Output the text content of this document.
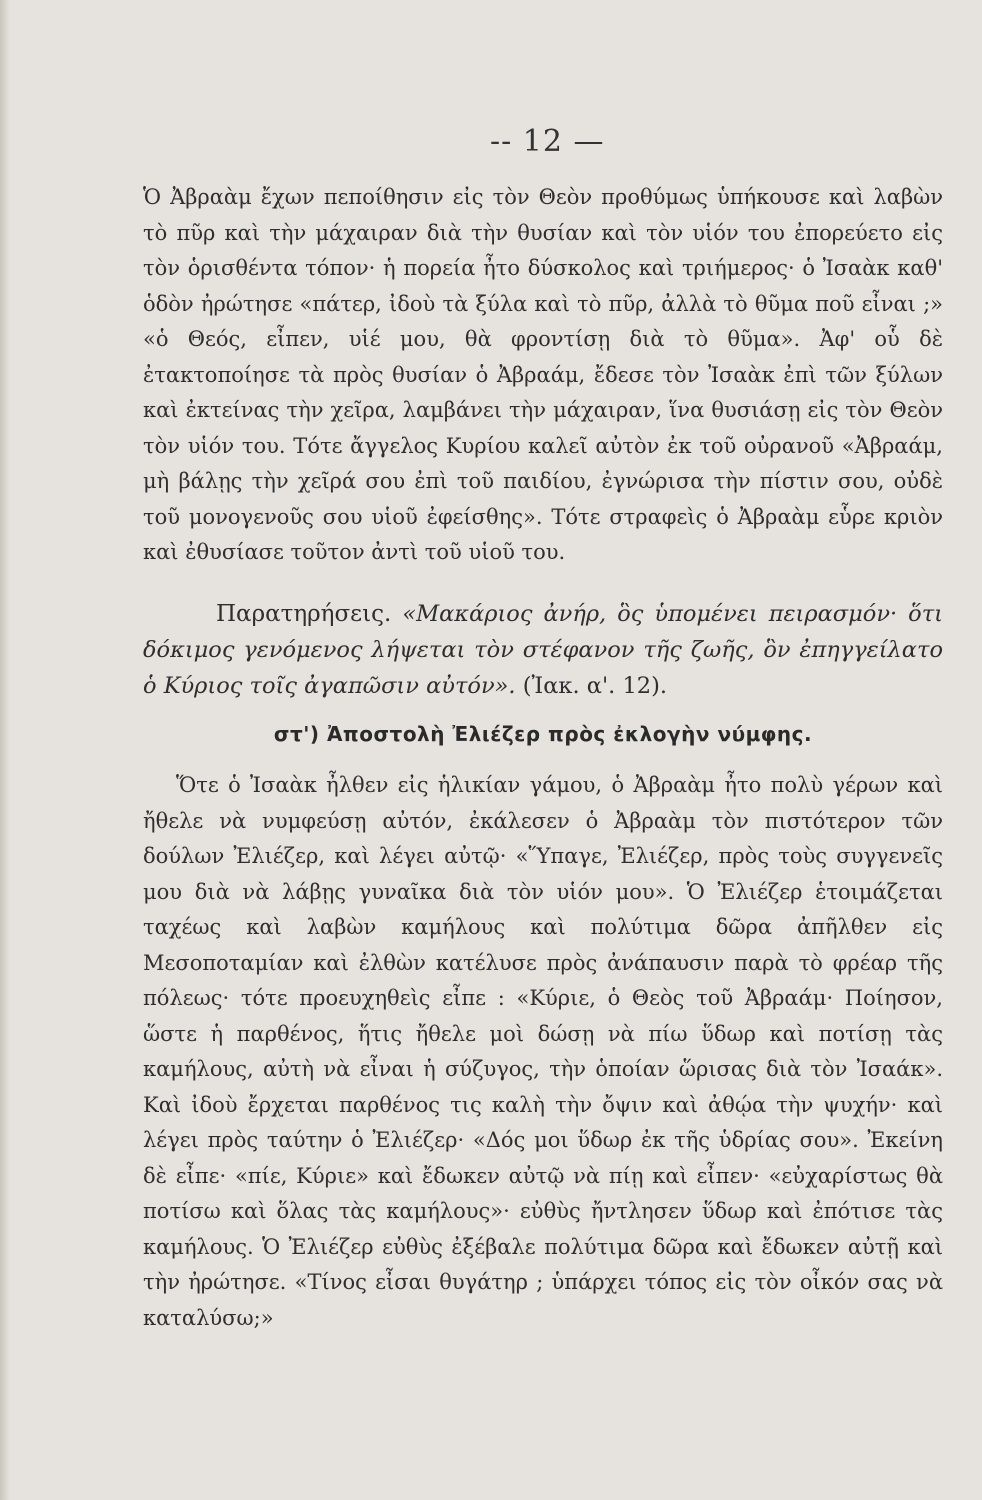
-- 12 —

Ὁ Ἀβραὰμ ἔχων πεποίθησιν εἰς τὸν Θεὸν προθύμως ὑπήκουσε καὶ λαβὼν τὸ πῦρ καὶ τὴν μάχαιραν διὰ τὴν θυσίαν καὶ τὸν υἱόν του ἐπορεύετο εἰς τὸν ὁρισθέντα τόπον· ἡ πορεία ἦτο δύσκολος καὶ τριήμερος· ὁ Ἰσαὰκ καθ' ὁδὸν ἠρώτησε «πάτερ, ἰδοὺ τὰ ξύλα καὶ τὸ πῦρ, ἀλλὰ τὸ θῦμα ποῦ εἶναι ;» «ὁ Θεός, εἶπεν, υἱέ μου, θὰ φροντίσῃ διὰ τὸ θῦμα». Ἀφ' οὗ δὲ ἐτακτοποίησε τὰ πρὸς θυσίαν ὁ Ἀβραάμ, ἔδεσε τὸν Ἰσαὰκ ἐπὶ τῶν ξύλων καὶ ἐκτείνας τὴν χεῖρα, λαμβάνει τὴν μάχαιραν, ἵνα θυσιάσῃ εἰς τὸν Θεὸν τὸν υἱόν του. Τότε ἄγγελος Κυρίου καλεῖ αὐτὸν ἐκ τοῦ οὐρανοῦ «Ἀβραάμ, μὴ βάλῃς τὴν χεῖρά σου ἐπὶ τοῦ παιδίου, ἐγνώρισα τὴν πίστιν σου, οὐδὲ τοῦ μονογενοῦς σου υἱοῦ ἐφείσθης». Τότε στραφεὶς ὁ Ἀβραὰμ εὗρε κριὸν καὶ ἐθυσίασε τοῦτον ἀντὶ τοῦ υἱοῦ του.

Παρατηρήσεις. «Μακάριος ἀνήρ, ὃς ὑπομένει πειρασμόν· ὅτι δόκιμος γενόμενος λήψεται τὸν στέφανον τῆς ζωῆς, ὃν ἐπηγγείλατο ὁ Κύριος τοῖς ἀγαπῶσιν αὐτόν». (Ἰακ. α'. 12).

στ') Ἀποστολὴ Ἐλιέζερ πρὸς ἐκλογὴν νύμφης.

Ὅτε ὁ Ἰσαὰκ ἦλθεν εἰς ἡλικίαν γάμου, ὁ Ἀβραὰμ ἦτο πολὺ γέρων καὶ ἤθελε νὰ νυμφεύσῃ αὐτόν, ἐκάλεσεν ὁ Ἀβραὰμ τὸν πιστότερον τῶν δούλων Ἐλιέζερ, καὶ λέγει αὐτῷ· «Ὕπαγε, Ἐλιέζερ, πρὸς τοὺς συγγενεῖς μου διὰ νὰ λάβῃς γυναῖκα διὰ τὸν υἱόν μου». Ὁ Ἐλιέζερ ἑτοιμάζεται ταχέως καὶ λαβὼν καμήλους καὶ πολύτιμα δῶρα ἀπῆλθεν εἰς Μεσοποταμίαν καὶ ἐλθὼν κατέλυσε πρὸς ἀνάπαυσιν παρὰ τὸ φρέαρ τῆς πόλεως· τότε προευχηθεὶς εἶπε : «Κύριε, ὁ Θεὸς τοῦ Ἀβραάμ· Ποίησον, ὥστε ἡ παρθένος, ἥτις ἤθελε μοὶ δώσῃ νὰ πίω ὕδωρ καὶ ποτίσῃ τὰς καμήλους, αὐτὴ νὰ εἶναι ἡ σύζυγος, τὴν ὁποίαν ὥρισας διὰ τὸν Ἰσαάκ». Καὶ ἰδοὺ ἔρχεται παρθένος τις καλὴ τὴν ὄψιν καὶ ἀθῴα τὴν ψυχήν· καὶ λέγει πρὸς ταύτην ὁ Ἐλιέζερ· «Δός μοι ὕδωρ ἐκ τῆς ὑδρίας σου». Ἐκείνη δὲ εἶπε· «πίε, Κύριε» καὶ ἔδωκεν αὐτῷ νὰ πίῃ καὶ εἶπεν· «εὐχαρίστως θὰ ποτίσω καὶ ὅλας τὰς καμήλους»· εὐθὺς ἤντλησεν ὕδωρ καὶ ἐπότισε τὰς καμήλους. Ὁ Ἐλιέζερ εὐθὺς ἐξέβαλε πολύτιμα δῶρα καὶ ἔδωκεν αὐτῇ καὶ τὴν ἠρώτησε. «Τίνος εἶσαι θυγάτηρ ; ὑπάρχει τόπος εἰς τὸν οἶκόν σας νὰ καταλύσω;»
